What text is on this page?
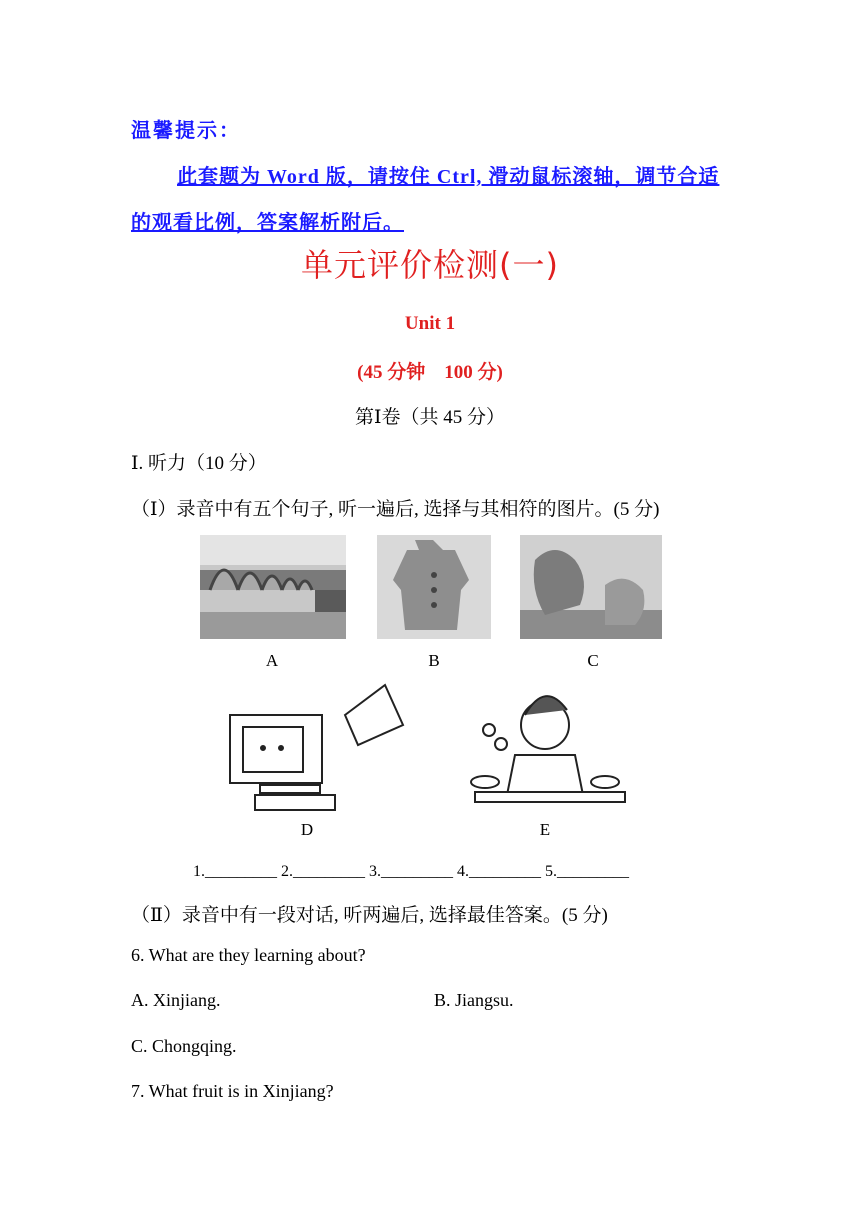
温馨提示：
此套题为 Word 版，请按住 Ctrl, 滑动鼠标滚轴，调节合适的观看比例，答案解析附后。
单元评价检测(一)
Unit 1
(45 分钟    100 分)
第Ⅰ卷（共 45 分）
Ⅰ. 听力（10 分）
（Ⅰ）录音中有五个句子, 听一遍后, 选择与其相符的图片。(5 分)
A	B	C
D	E
1._________ 2._________ 3._________ 4._________ 5._________
（Ⅱ）录音中有一段对话, 听两遍后, 选择最佳答案。(5 分)
6. What are they learning about?
A. Xinjiang.	B. Jiangsu.
C. Chongqing.
7. What fruit is in Xinjiang?
